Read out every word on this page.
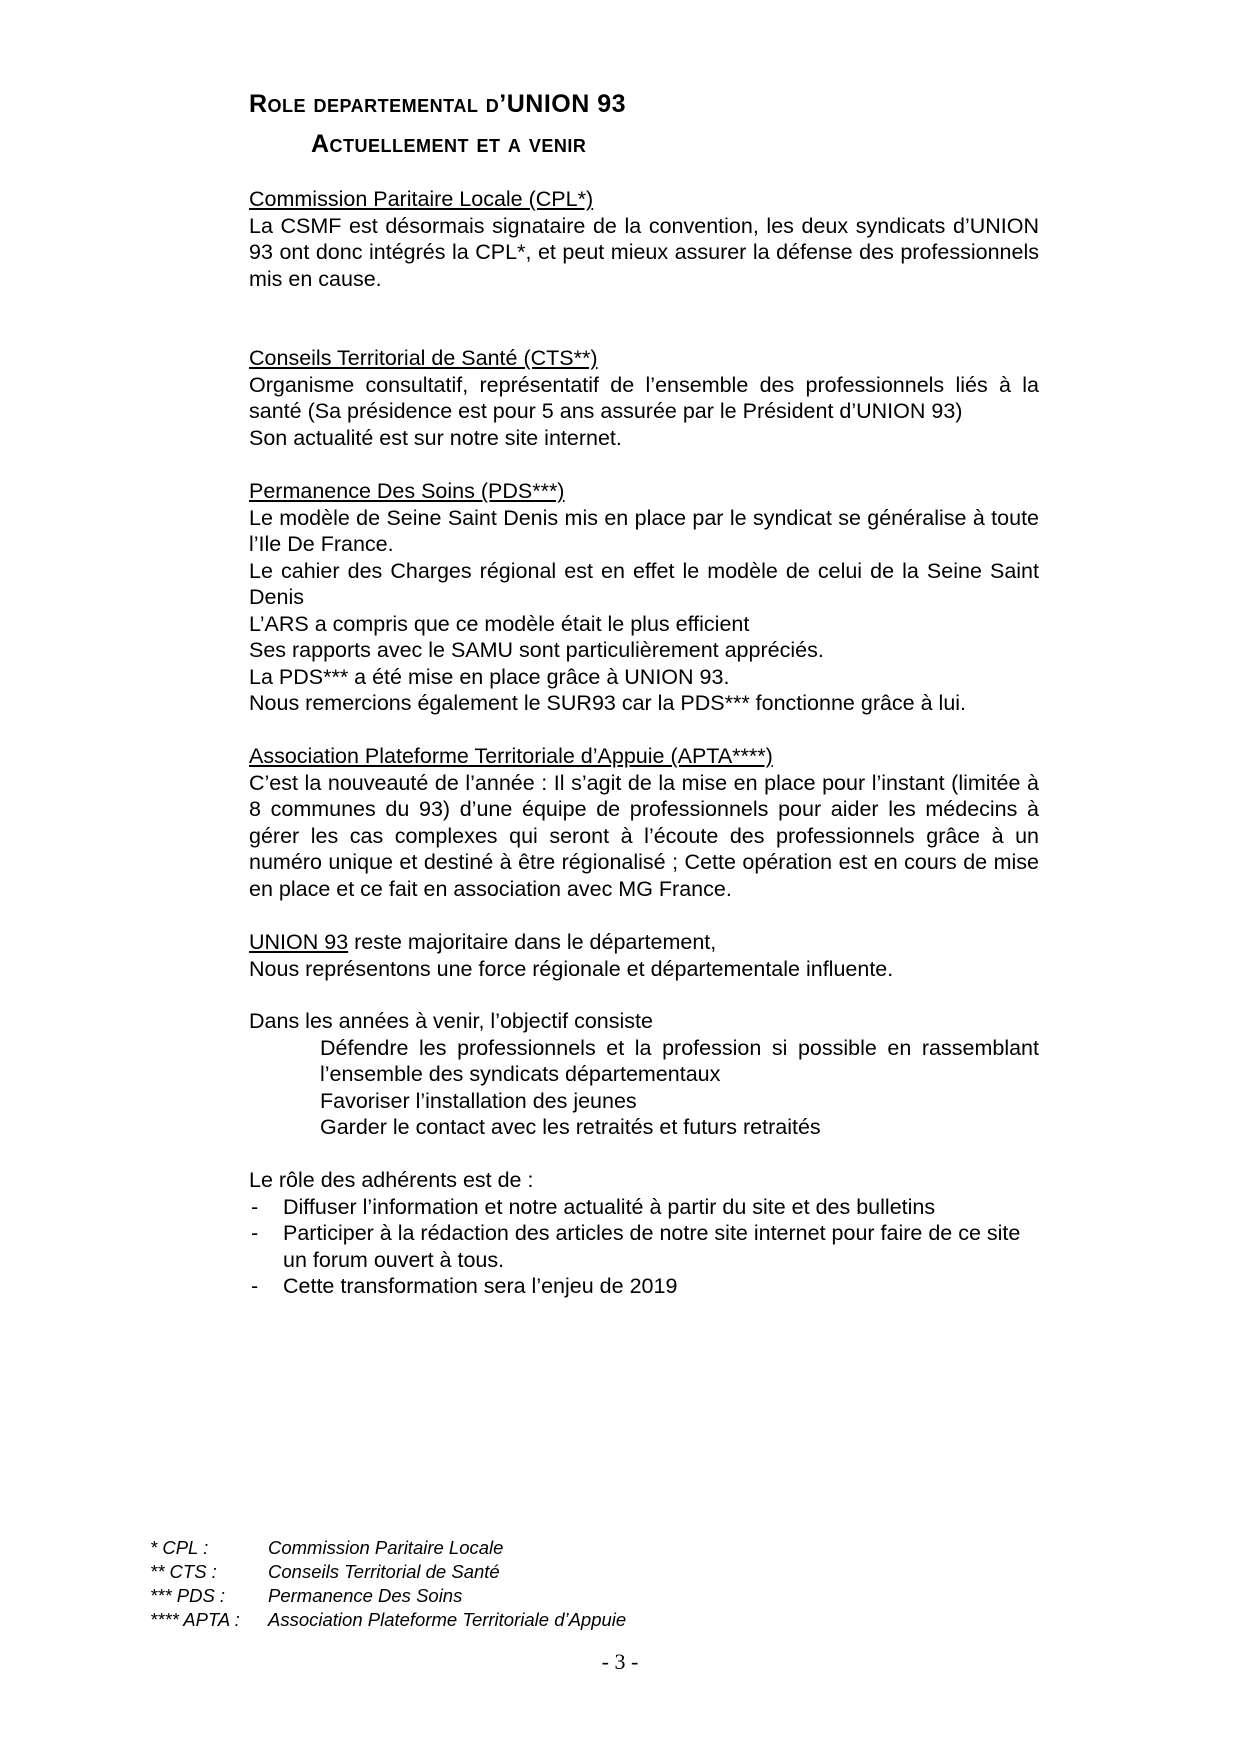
Role departemental d’UNION 93
Actuellement et a venir
Commission Paritaire Locale (CPL*)

La CSMF est désormais signataire de la convention, les deux syndicats d’UNION 93 ont donc intégrés la CPL*, et peut mieux assurer la défense des professionnels mis en cause.

Conseils Territorial de Santé (CTS**)

Organisme consultatif, représentatif de l’ensemble des professionnels liés à la santé (Sa présidence est pour 5 ans assurée par le Président d’UNION 93)

Son actualité est sur notre site internet.
Permanence Des Soins (PDS***)

Le modèle de Seine Saint Denis mis en place par le syndicat se généralise à toute l’Ile De France.

Le cahier des Charges régional est en effet le modèle de celui de la Seine Saint Denis

L’ARS a compris que ce modèle était le plus efficient
Ses rapports avec le SAMU sont particulièrement appréciés.
La PDS*** a été mise en place grâce à UNION 93.
Nous remercions également le SUR93 car la PDS*** fonctionne grâce à lui.
Association Plateforme Territoriale d’Appuie (APTA****)

C’est la nouveauté de l’année : Il s’agit de la mise en place pour l’instant (limitée à 8 communes du 93) d’une équipe de professionnels pour aider les médecins à gérer les cas complexes qui seront à l’écoute des professionnels grâce à un numéro unique et destiné à être régionalisé ; Cette opération est en cours de mise en place et ce fait en association avec MG France.

UNION 93 reste majoritaire dans le département,
Nous représentons une force régionale et départementale influente.
Dans les années à venir, l’objectif consiste
Défendre les professionnels et la profession si possible en rassemblant l’ensemble des syndicats départementaux
Favoriser l’installation des jeunes
Garder le contact avec les retraités et futurs retraités
Le rôle des adhérents est de :
- Diffuser l’information et notre actualité à partir du site et des bulletins
- Participer à la rédaction des articles de notre site internet pour faire de ce site un forum ouvert à tous.
- Cette transformation sera l’enjeu de 2019
* CPL :	Commission Paritaire Locale
** CTS :	Conseils Territorial de Santé
*** PDS :	Permanence Des Soins
**** APTA :	Association Plateforme Territoriale d’Appuie
- 3 -
